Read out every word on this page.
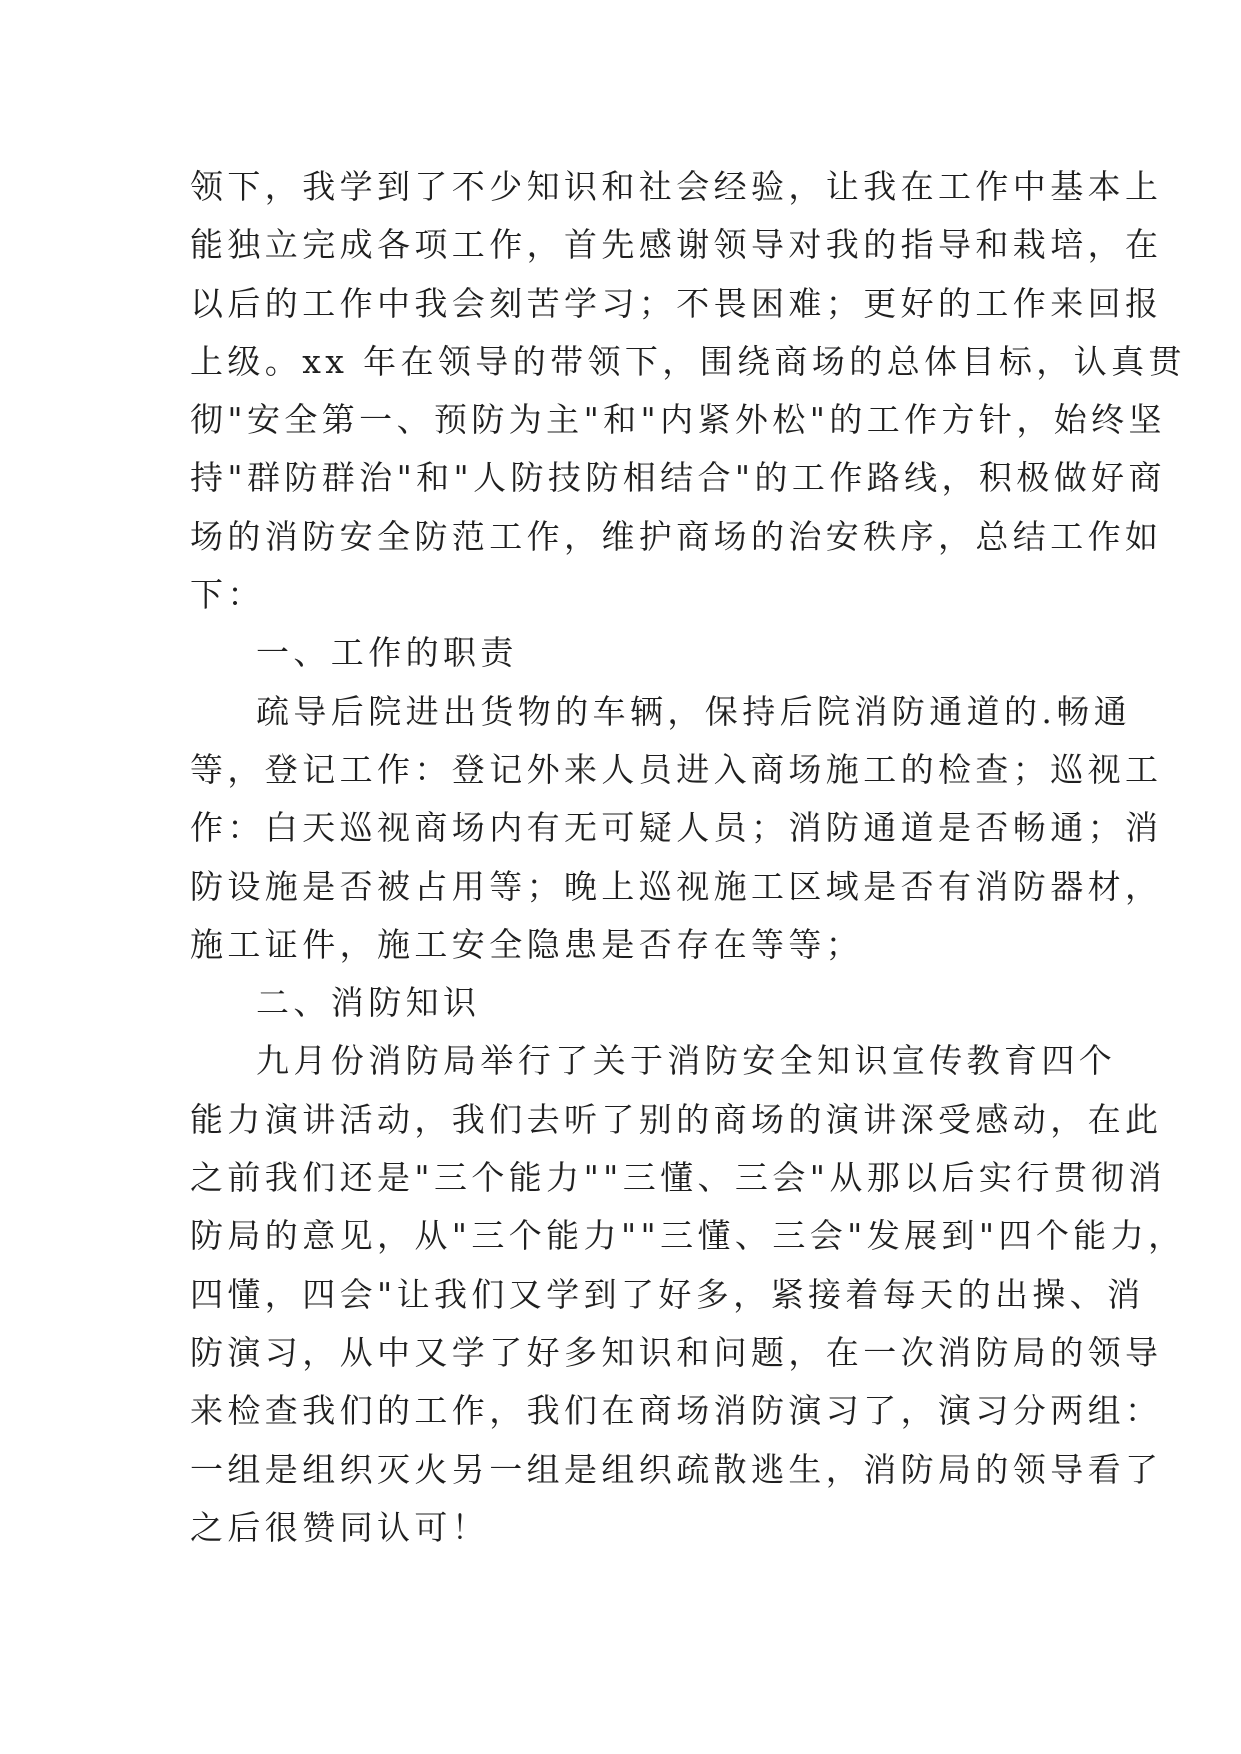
领下，我学到了不少知识和社会经验，让我在工作中基本上
能独立完成各项工作，首先感谢领导对我的指导和栽培，在
以后的工作中我会刻苦学习；不畏困难；更好的工作来回报
上级。xx 年在领导的带领下，围绕商场的总体目标，认真贯
彻"安全第一、预防为主"和"内紧外松"的工作方针，始终坚
持"群防群治"和"人防技防相结合"的工作路线，积极做好商
场的消防安全防范工作，维护商场的治安秩序，总结工作如
下：
一、工作的职责
疏导后院进出货物的车辆，保持后院消防通道的.畅通
等，登记工作：登记外来人员进入商场施工的检查；巡视工
作：白天巡视商场内有无可疑人员；消防通道是否畅通；消
防设施是否被占用等；晚上巡视施工区域是否有消防器材，
施工证件，施工安全隐患是否存在等等；
二、消防知识
九月份消防局举行了关于消防安全知识宣传教育四个
能力演讲活动，我们去听了别的商场的演讲深受感动，在此
之前我们还是"三个能力""三懂、三会"从那以后实行贯彻消
防局的意见，从"三个能力""三懂、三会"发展到"四个能力，
四懂，四会"让我们又学到了好多，紧接着每天的出操、消
防演习，从中又学了好多知识和问题，在一次消防局的领导
来检查我们的工作，我们在商场消防演习了，演习分两组：
一组是组织灭火另一组是组织疏散逃生，消防局的领导看了
之后很赞同认可！
